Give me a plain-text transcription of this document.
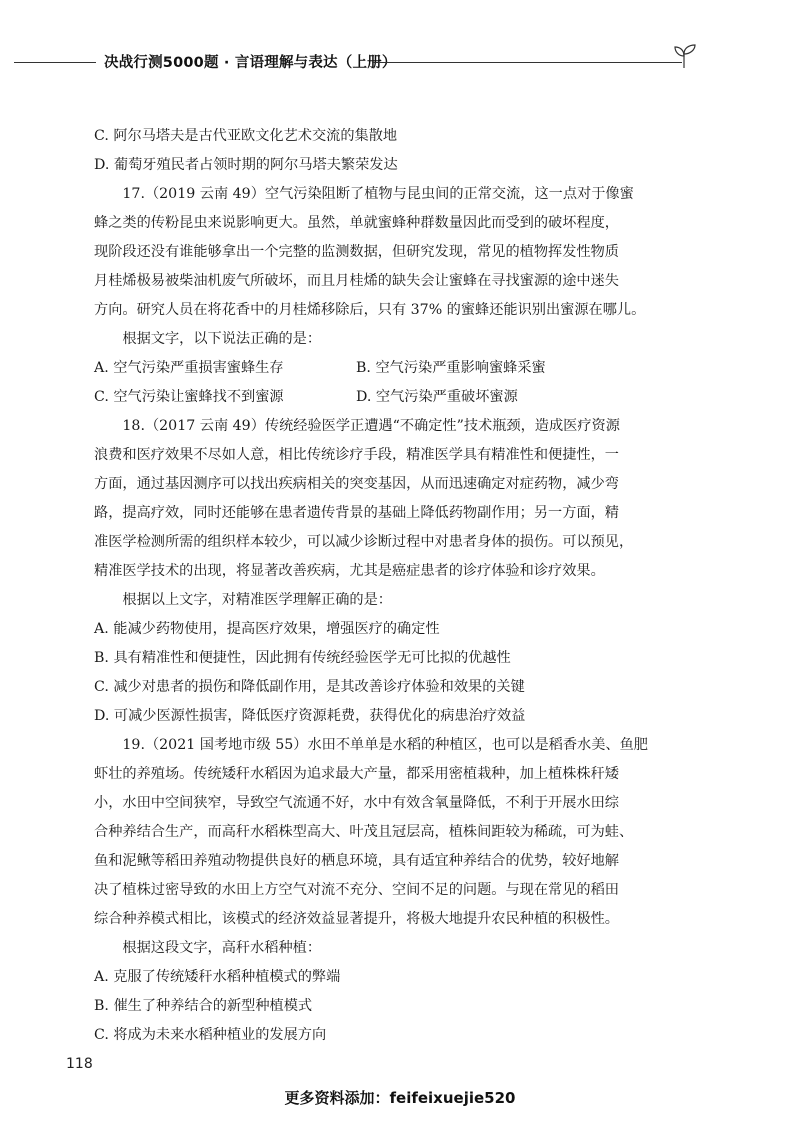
决战行测5000题 · 言语理解与表达（上册）
C. 阿尔马塔夫是古代亚欧文化艺术交流的集散地
D. 葡萄牙殖民者占领时期的阿尔马塔夫繁荣发达
17.（2019 云南 49）空气污染阻断了植物与昆虫间的正常交流，这一点对于像蜜
蜂之类的传粉昆虫来说影响更大。虽然，单就蜜蜂种群数量因此而受到的破坏程度，
现阶段还没有谁能够拿出一个完整的监测数据，但研究发现，常见的植物挥发性物质
月桂烯极易被柴油机废气所破坏，而且月桂烯的缺失会让蜜蜂在寻找蜜源的途中迷失
方向。研究人员在将花香中的月桂烯移除后，只有 37% 的蜜蜂还能识别出蜜源在哪儿。
根据文字，以下说法正确的是：
A. 空气污染严重损害蜜蜂生存	B. 空气污染严重影响蜜蜂采蜜
C. 空气污染让蜜蜂找不到蜜源	D. 空气污染严重破坏蜜源
18.（2017 云南 49）传统经验医学正遭遇“不确定性”技术瓶颈，造成医疗资源
浪费和医疗效果不尽如人意，相比传统诊疗手段，精准医学具有精准性和便捷性，一
方面，通过基因测序可以找出疾病相关的突变基因，从而迅速确定对症药物，减少弯
路，提高疗效，同时还能够在患者遗传背景的基础上降低药物副作用；另一方面，精
准医学检测所需的组织样本较少，可以减少诊断过程中对患者身体的损伤。可以预见，
精准医学技术的出现，将显著改善疾病，尤其是癌症患者的诊疗体验和诊疗效果。
根据以上文字，对精准医学理解正确的是：
A. 能减少药物使用，提高医疗效果，增强医疗的确定性
B. 具有精准性和便捷性，因此拥有传统经验医学无可比拟的优越性
C. 减少对患者的损伤和降低副作用，是其改善诊疗体验和效果的关键
D. 可减少医源性损害，降低医疗资源耗费，获得优化的病患治疗效益
19.（2021 国考地市级 55）水田不单单是水稻的种植区，也可以是稻香水美、鱼肥
虾壮的养殖场。传统矮秆水稻因为追求最大产量，都采用密植栽种，加上植株株秆矮
小，水田中空间狭窄，导致空气流通不好，水中有效含氧量降低，不利于开展水田综
合种养结合生产，而高秆水稻株型高大、叶茂且冠层高，植株间距较为稀疏，可为蛙、
鱼和泥鳅等稻田养殖动物提供良好的栖息环境，具有适宜种养结合的优势，较好地解
决了植株过密导致的水田上方空气对流不充分、空间不足的问题。与现在常见的稻田
综合种养模式相比，该模式的经济效益显著提升，将极大地提升农民种植的积极性。
根据这段文字，高秆水稻种植：
A. 克服了传统矮秆水稻种植模式的弊端
B. 催生了种养结合的新型种植模式
C. 将成为未来水稻种植业的发展方向
118
更多资料添加：feifeixuejie520
